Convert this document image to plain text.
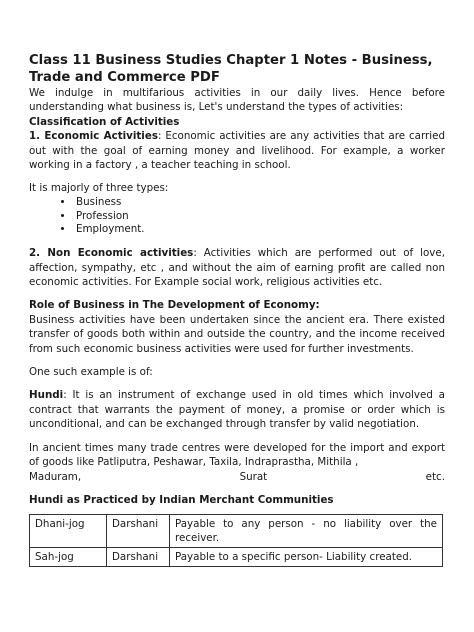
Class 11 Business Studies Chapter 1 Notes - Business, Trade and Commerce PDF

We indulge in multifarious activities in our daily lives. Hence before understanding what business is, Let's understand the types of activities:

Classification of Activities

1. Economic Activities: Economic activities are any activities that are carried out with the goal of earning money and livelihood. For example, a worker working in a factory , a teacher teaching in school.

It is majorly of three types:

• Business
• Profession
• Employment.

2. Non Economic activities: Activities which are performed out of love, affection, sympathy, etc , and without the aim of earning profit are called non economic activities. For Example social work, religious activities etc.

Role of Business in The Development of Economy:

Business activities have been undertaken since the ancient era. There existed transfer of goods both within and outside the country, and the income received from such economic business activities were used for further investments.

One such example is of:

Hundi: It is an instrument of exchange used in old times which involved a contract that warrants the payment of money, a promise or order which is unconditional, and can be exchanged through transfer by valid negotiation.

In ancient times many trade centres were developed for the import and export of goods like Patliputra, Peshawar, Taxila, Indraprastha, Mithila ,

Maduram,	Surat	etc.
Hundi as Practiced by Indian Merchant Communities
Dhani-jog	Darshani	Payable to any person - no liability over the receiver.
Sah-jog	Darshani	Payable to a specific person- Liability created.
